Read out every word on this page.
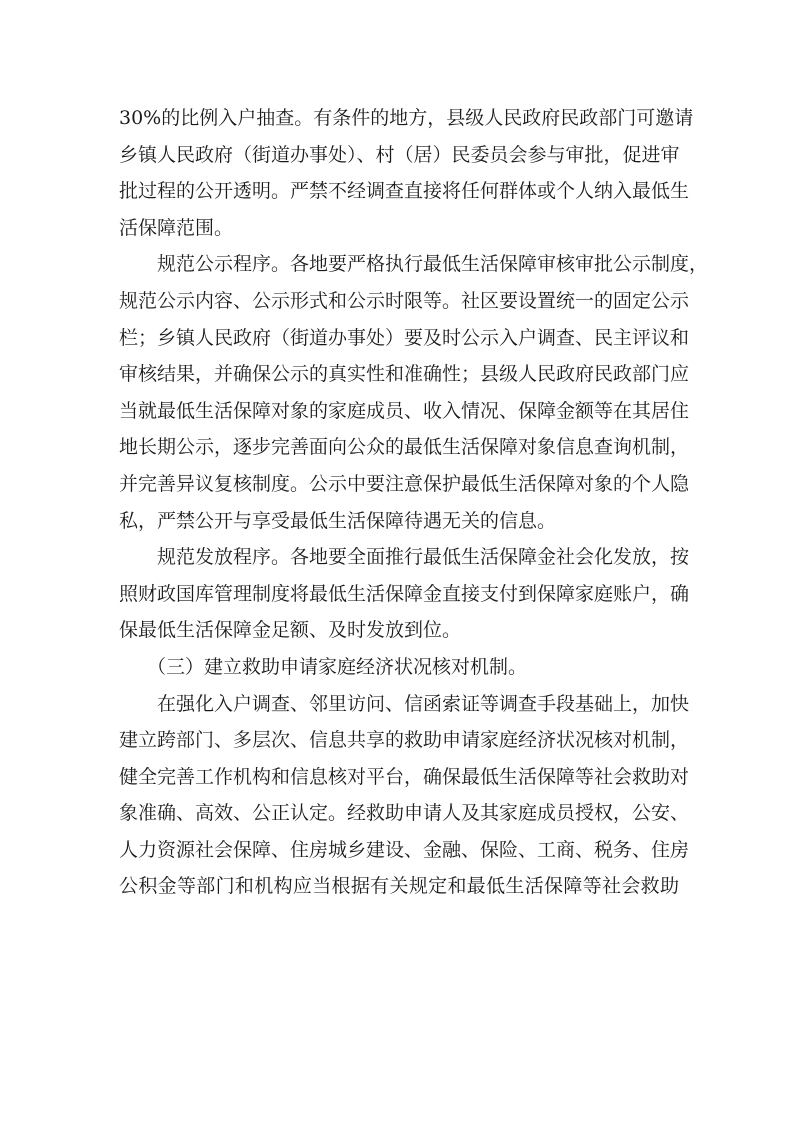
30%的比例入户抽查。有条件的地方，县级人民政府民政部门可邀请
乡镇人民政府（街道办事处）、村（居）民委员会参与审批，促进审
批过程的公开透明。严禁不经调查直接将任何群体或个人纳入最低生
活保障范围。
规范公示程序。各地要严格执行最低生活保障审核审批公示制度，
规范公示内容、公示形式和公示时限等。社区要设置统一的固定公示
栏；乡镇人民政府（街道办事处）要及时公示入户调查、民主评议和
审核结果，并确保公示的真实性和准确性；县级人民政府民政部门应
当就最低生活保障对象的家庭成员、收入情况、保障金额等在其居住
地长期公示，逐步完善面向公众的最低生活保障对象信息查询机制，
并完善异议复核制度。公示中要注意保护最低生活保障对象的个人隐
私，严禁公开与享受最低生活保障待遇无关的信息。
规范发放程序。各地要全面推行最低生活保障金社会化发放，按
照财政国库管理制度将最低生活保障金直接支付到保障家庭账户，确
保最低生活保障金足额、及时发放到位。
（三）建立救助申请家庭经济状况核对机制。
在强化入户调查、邻里访问、信函索证等调查手段基础上，加快
建立跨部门、多层次、信息共享的救助申请家庭经济状况核对机制，
健全完善工作机构和信息核对平台，确保最低生活保障等社会救助对
象准确、高效、公正认定。经救助申请人及其家庭成员授权，公安、
人力资源社会保障、住房城乡建设、金融、保险、工商、税务、住房
公积金等部门和机构应当根据有关规定和最低生活保障等社会救助
